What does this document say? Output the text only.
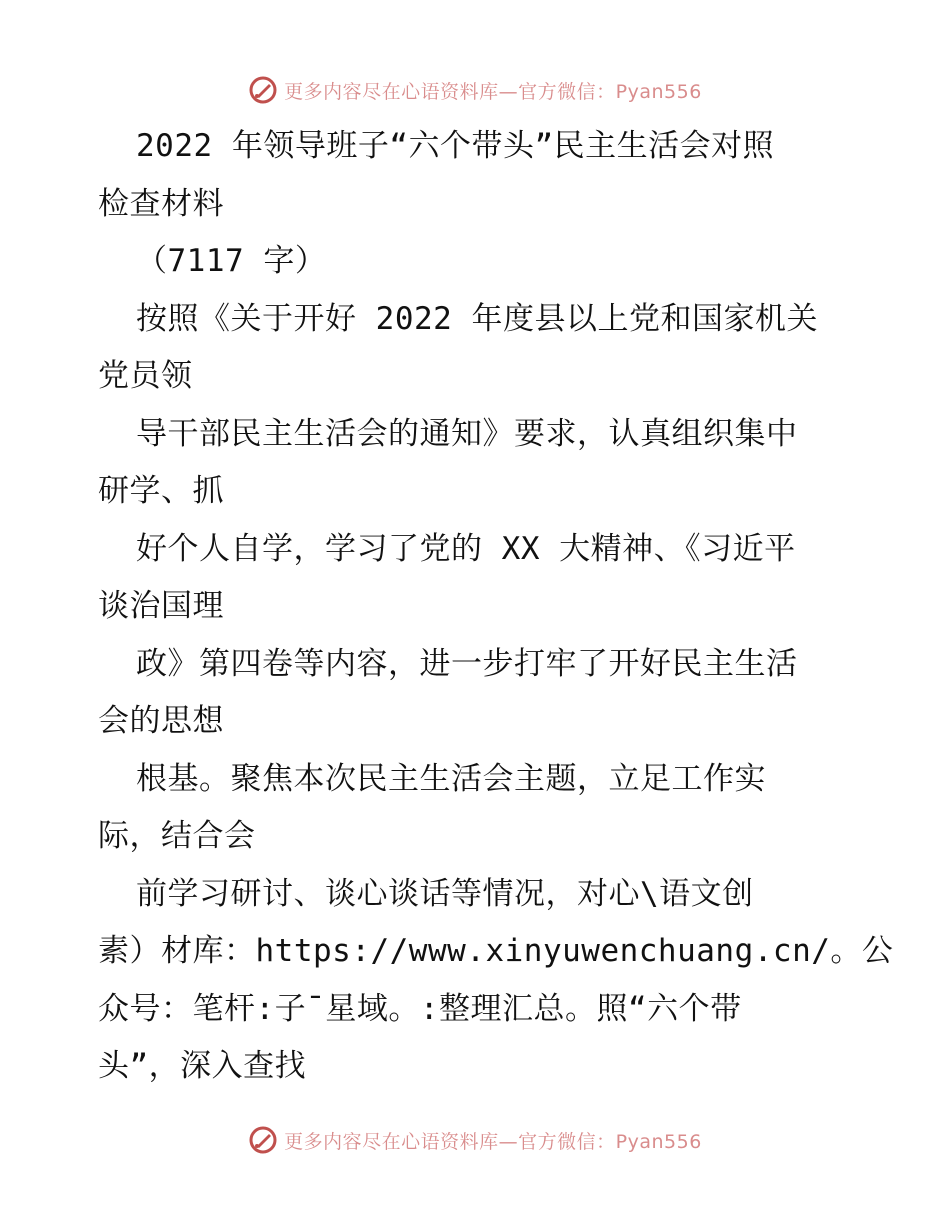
更多内容尽在心语资料库—官方微信：Pyan556
2022 年领导班子“六个带头”民主生活会对照
检查材料
（7117 字）
按照《关于开好 2022 年度县以上党和国家机关
党员领
导干部民主生活会的通知》要求，认真组织集中
研学、抓
好个人自学，学习了党的 XX 大精神、《习近平
谈治国理
政》第四卷等内容，进一步打牢了开好民主生活
会的思想
根基。聚焦本次民主生活会主题，立足工作实
际，结合会
前学习研讨、谈心谈话等情况，对心\语文创
素）材库：https://www.xinyuwenchuang.cn/。公
众号：笔杆:子¯星域。:整理汇总。照“六个带
头”，深入查找
更多内容尽在心语资料库—官方微信：Pyan556
